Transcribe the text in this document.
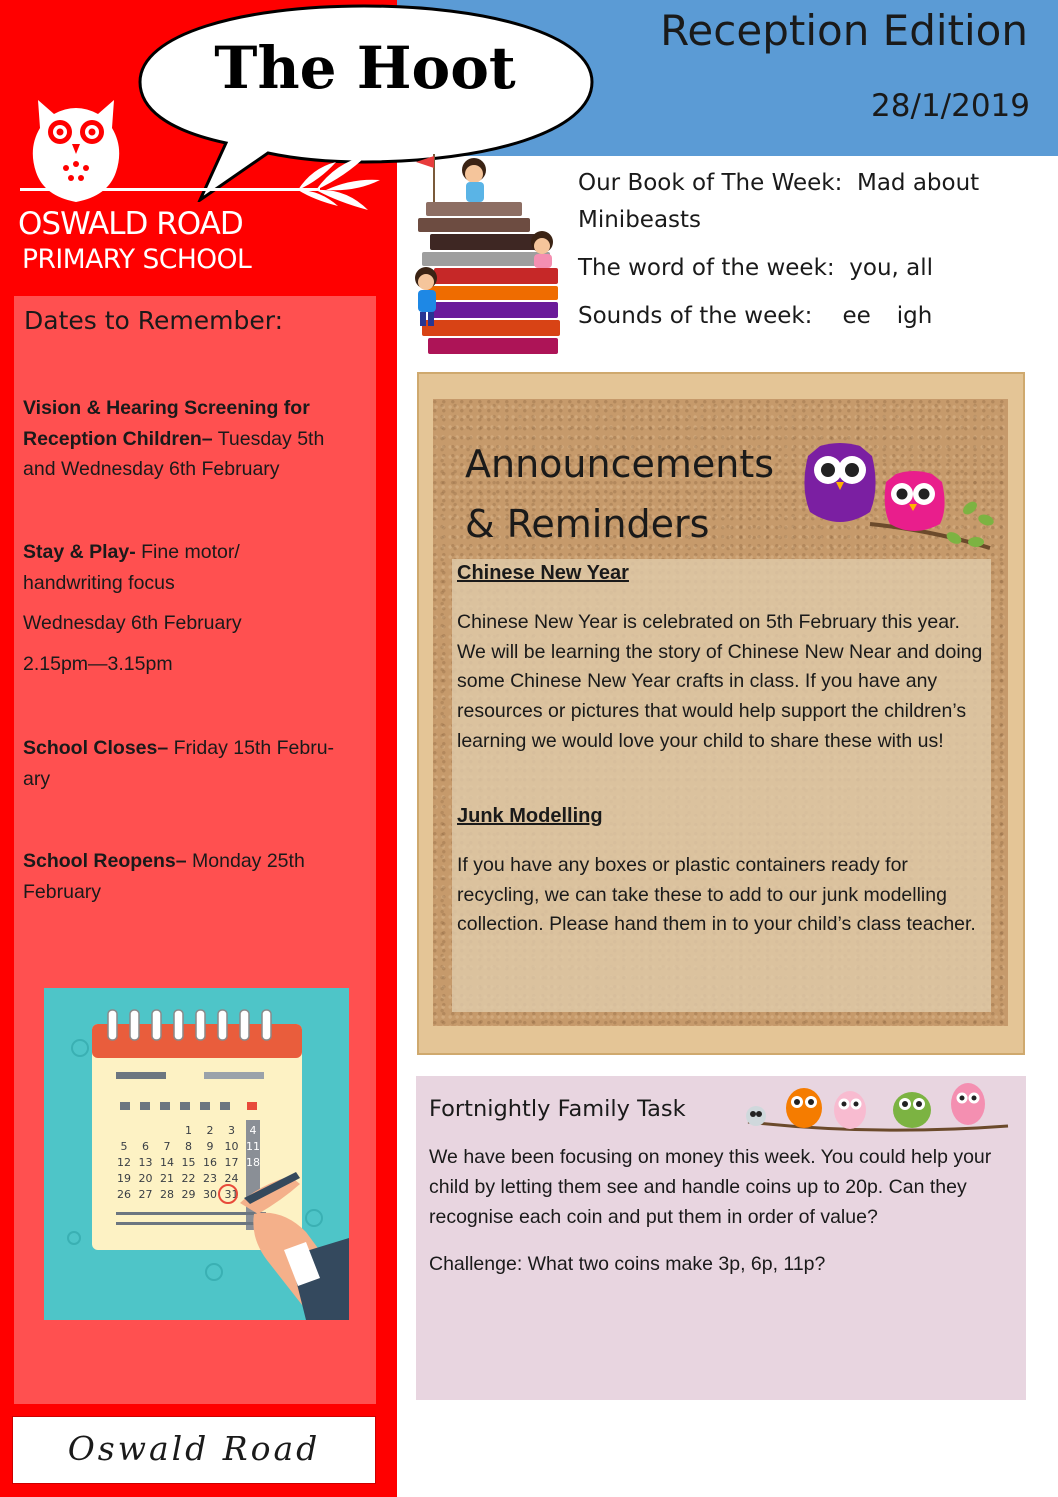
Reception Edition
28/1/2019
The Hoot
OSWALD ROAD
PRIMARY SCHOOL
Dates to Remember:

Vision & Hearing Screening for Reception Children– Tuesday 5th

and Wednesday 6th February

Stay & Play- Fine motor/

handwriting focus

Wednesday 6th February

2.15pm—3.15pm

School Closes– Friday 15th Febru-

ary

School Reopens– Monday 25th

February

1 2 3 4
5 6 7 8 9 10 11
12 13 14 15 16 17 18
19 20 21 22 23 24
26 27 28 29 30 31
Oswald Road
Our Book of The Week: Mad about
Minibeasts
The word of the week: you, all
Sounds of the week: ee igh
Announcements
& Reminders
Chinese New Year
Chinese New Year is celebrated on 5th February this year. We will be learning the story of Chinese New Near and doing some Chinese New Year crafts in class. If you have any resources or pictures that would help support the children’s learning we would love your child to share these with us!
Junk Modelling
If you have any boxes or plastic containers ready for recycling, we can take these to add to our junk modelling collection. Please hand them in to your child’s class teacher.
Fortnightly Family Task
We have been focusing on money this week. You could help your child by letting them see and handle coins up to 20p. Can they recognise each coin and put them in order of value?
Challenge: What two coins make 3p, 6p, 11p?
